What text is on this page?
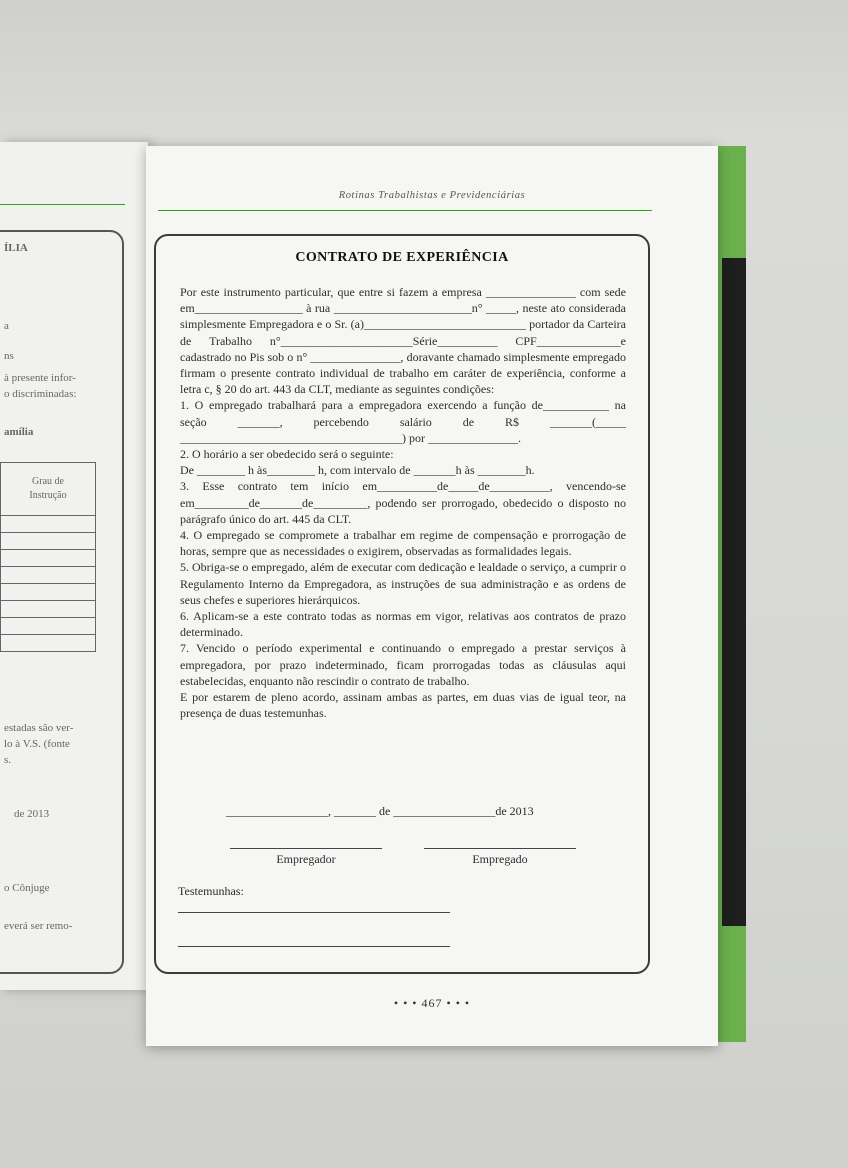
ÍLIA
a
ns
à presente infor-
o discriminadas:
amília
Grau de
Instrução

estadas são ver-
lo à V.S. (fonte
s.
de 2013
o Cônjuge
everá ser remo-
Rotinas Trabalhistas e Previdenciárias
CONTRATO DE EXPERIÊNCIA

Por este instrumento particular, que entre si fazem a empresa _______________ com sede em__________________ à rua _______________________n° _____, neste ato considerada simplesmente Empregadora e o Sr. (a)___________________________ portador da Carteira de Trabalho n°______________________Série__________ CPF______________e cadastrado no Pis sob o n° _______________, doravante chamado simplesmente empregado firmam o presente contrato individual de trabalho em caráter de experiência, conforme a letra c, § 20 do art. 443 da CLT, mediante as seguintes condições:

1. O empregado trabalhará para a empregadora exercendo a função de___________ na seção _______, percebendo salário de R$ _______(_____ _____________________________________) por _______________.

2. O horário a ser obedecido será o seguinte:

De ________ h às________ h, com intervalo de _______h às ________h.

3. Esse contrato tem início em__________de_____de__________, vencendo-se em_________de_______de_________, podendo ser prorrogado, obedecido o disposto no parágrafo único do art. 445 da CLT.

4. O empregado se compromete a trabalhar em regime de compensação e prorrogação de horas, sempre que as necessidades o exigirem, observadas as formalidades legais.

5. Obriga-se o empregado, além de executar com dedicação e lealdade o serviço, a cumprir o Regulamento Interno da Empregadora, as instruções de sua administração e as ordens de seus chefes e superiores hierárquicos.

6. Aplicam-se a este contrato todas as normas em vigor, relativas aos contratos de prazo determinado.

7. Vencido o período experimental e continuando o empregado a prestar serviços à empregadora, por prazo indeterminado, ficam prorrogadas todas as cláusulas aqui estabelecidas, enquanto não rescindir o contrato de trabalho.

E por estarem de pleno acordo, assinam ambas as partes, em duas vias de igual teor, na presença de duas testemunhas.

_________________, _______ de _________________de 2013
Empregador	Empregado
Testemunhas:
• • • 467 • • •
